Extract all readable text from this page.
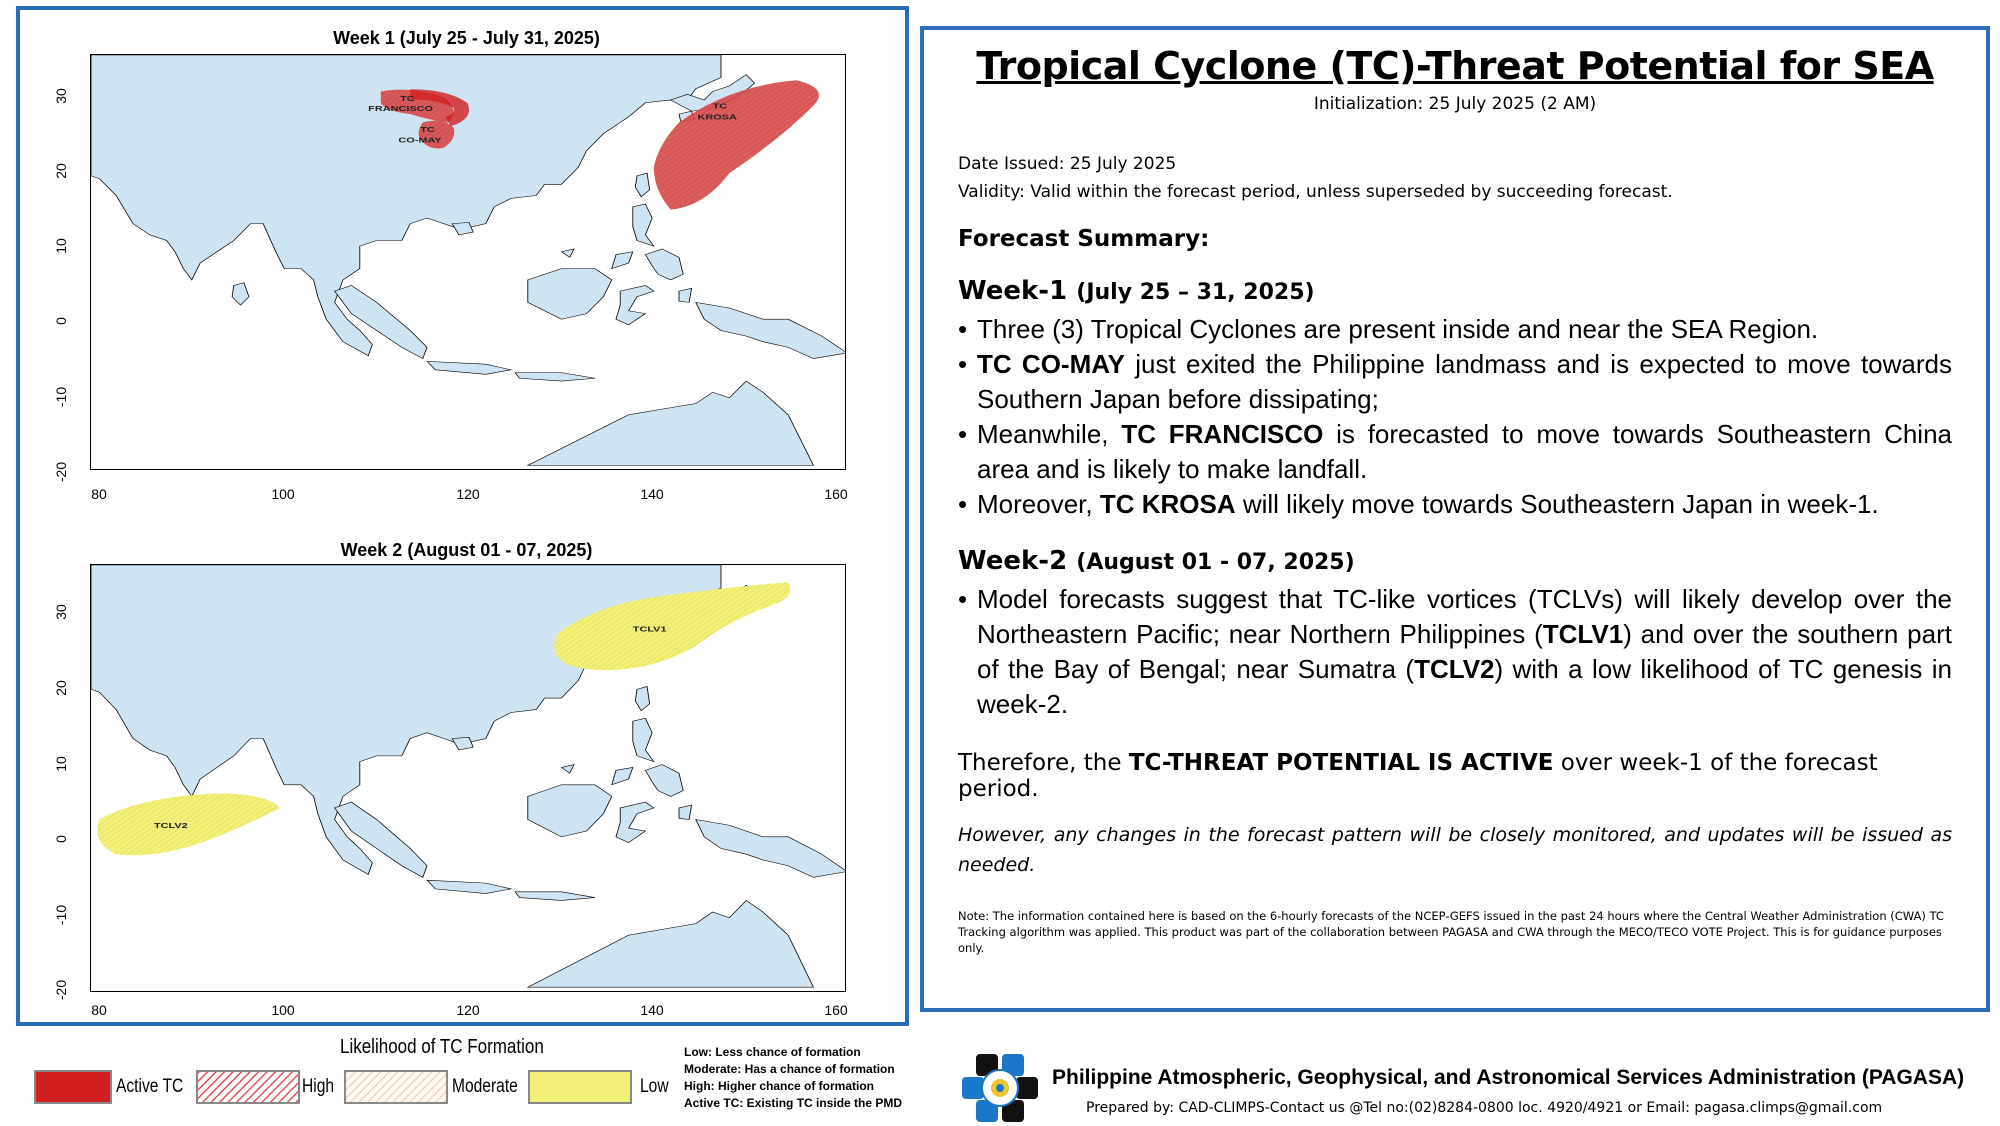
Week 1 (July 25 - July 31, 2025)
TC
FRANCISCO
TC
CO-MAY
TC
KROSA
80	100	120	140	160
30
20
10
0
-10
-20
Week 2 (August 01 - 07, 2025)
TCLV1
TCLV2
80	100	120	140	160
30
20
10
0
-10
-20
Tropical Cyclone (TC)-Threat Potential for SEA
Initialization: 25 July 2025 (2 AM)
Date Issued: 25 July 2025
Validity: Valid within the forecast period, unless superseded by succeeding forecast.
Forecast Summary:
Week-1 (July 25 – 31, 2025)
• Three (3) Tropical Cyclones are present inside and near the SEA Region.
• TC CO-MAY just exited the Philippine landmass and is expected to move towards Southern Japan before dissipating;
• Meanwhile, TC FRANCISCO is forecasted to move towards Southeastern China area and is likely to make landfall.
• Moreover, TC KROSA will likely move towards Southeastern Japan in week-1.
Week-2 (August 01 - 07, 2025)
• Model forecasts suggest that TC-like vortices (TCLVs) will likely develop over the Northeastern Pacific; near Northern Philippines (TCLV1) and over the southern part of the Bay of Bengal; near Sumatra (TCLV2) with a low likelihood of TC genesis in week-2.
Therefore, the TC-THREAT POTENTIAL IS ACTIVE over week-1 of the forecast period.
However, any changes in the forecast pattern will be closely monitored, and updates will be issued as needed.
Note: The information contained here is based on the 6-hourly forecasts of the NCEP-GEFS issued in the past 24 hours where the Central Weather Administration (CWA) TC Tracking algorithm was applied. This product was part of the collaboration between PAGASA and CWA through the MECO/TECO VOTE Project. This is for guidance purposes only.
Likelihood of TC Formation
Active TC	High	Moderate	Low
Low: Less chance of formation
Moderate: Has a chance of formation
High: Higher chance of formation
Active TC: Existing TC inside the PMD
Philippine Atmospheric, Geophysical, and Astronomical Services Administration (PAGASA)
Prepared by: CAD-CLIMPS-Contact us @Tel no:(02)8284-0800 loc. 4920/4921 or Email: pagasa.climps@gmail.com
